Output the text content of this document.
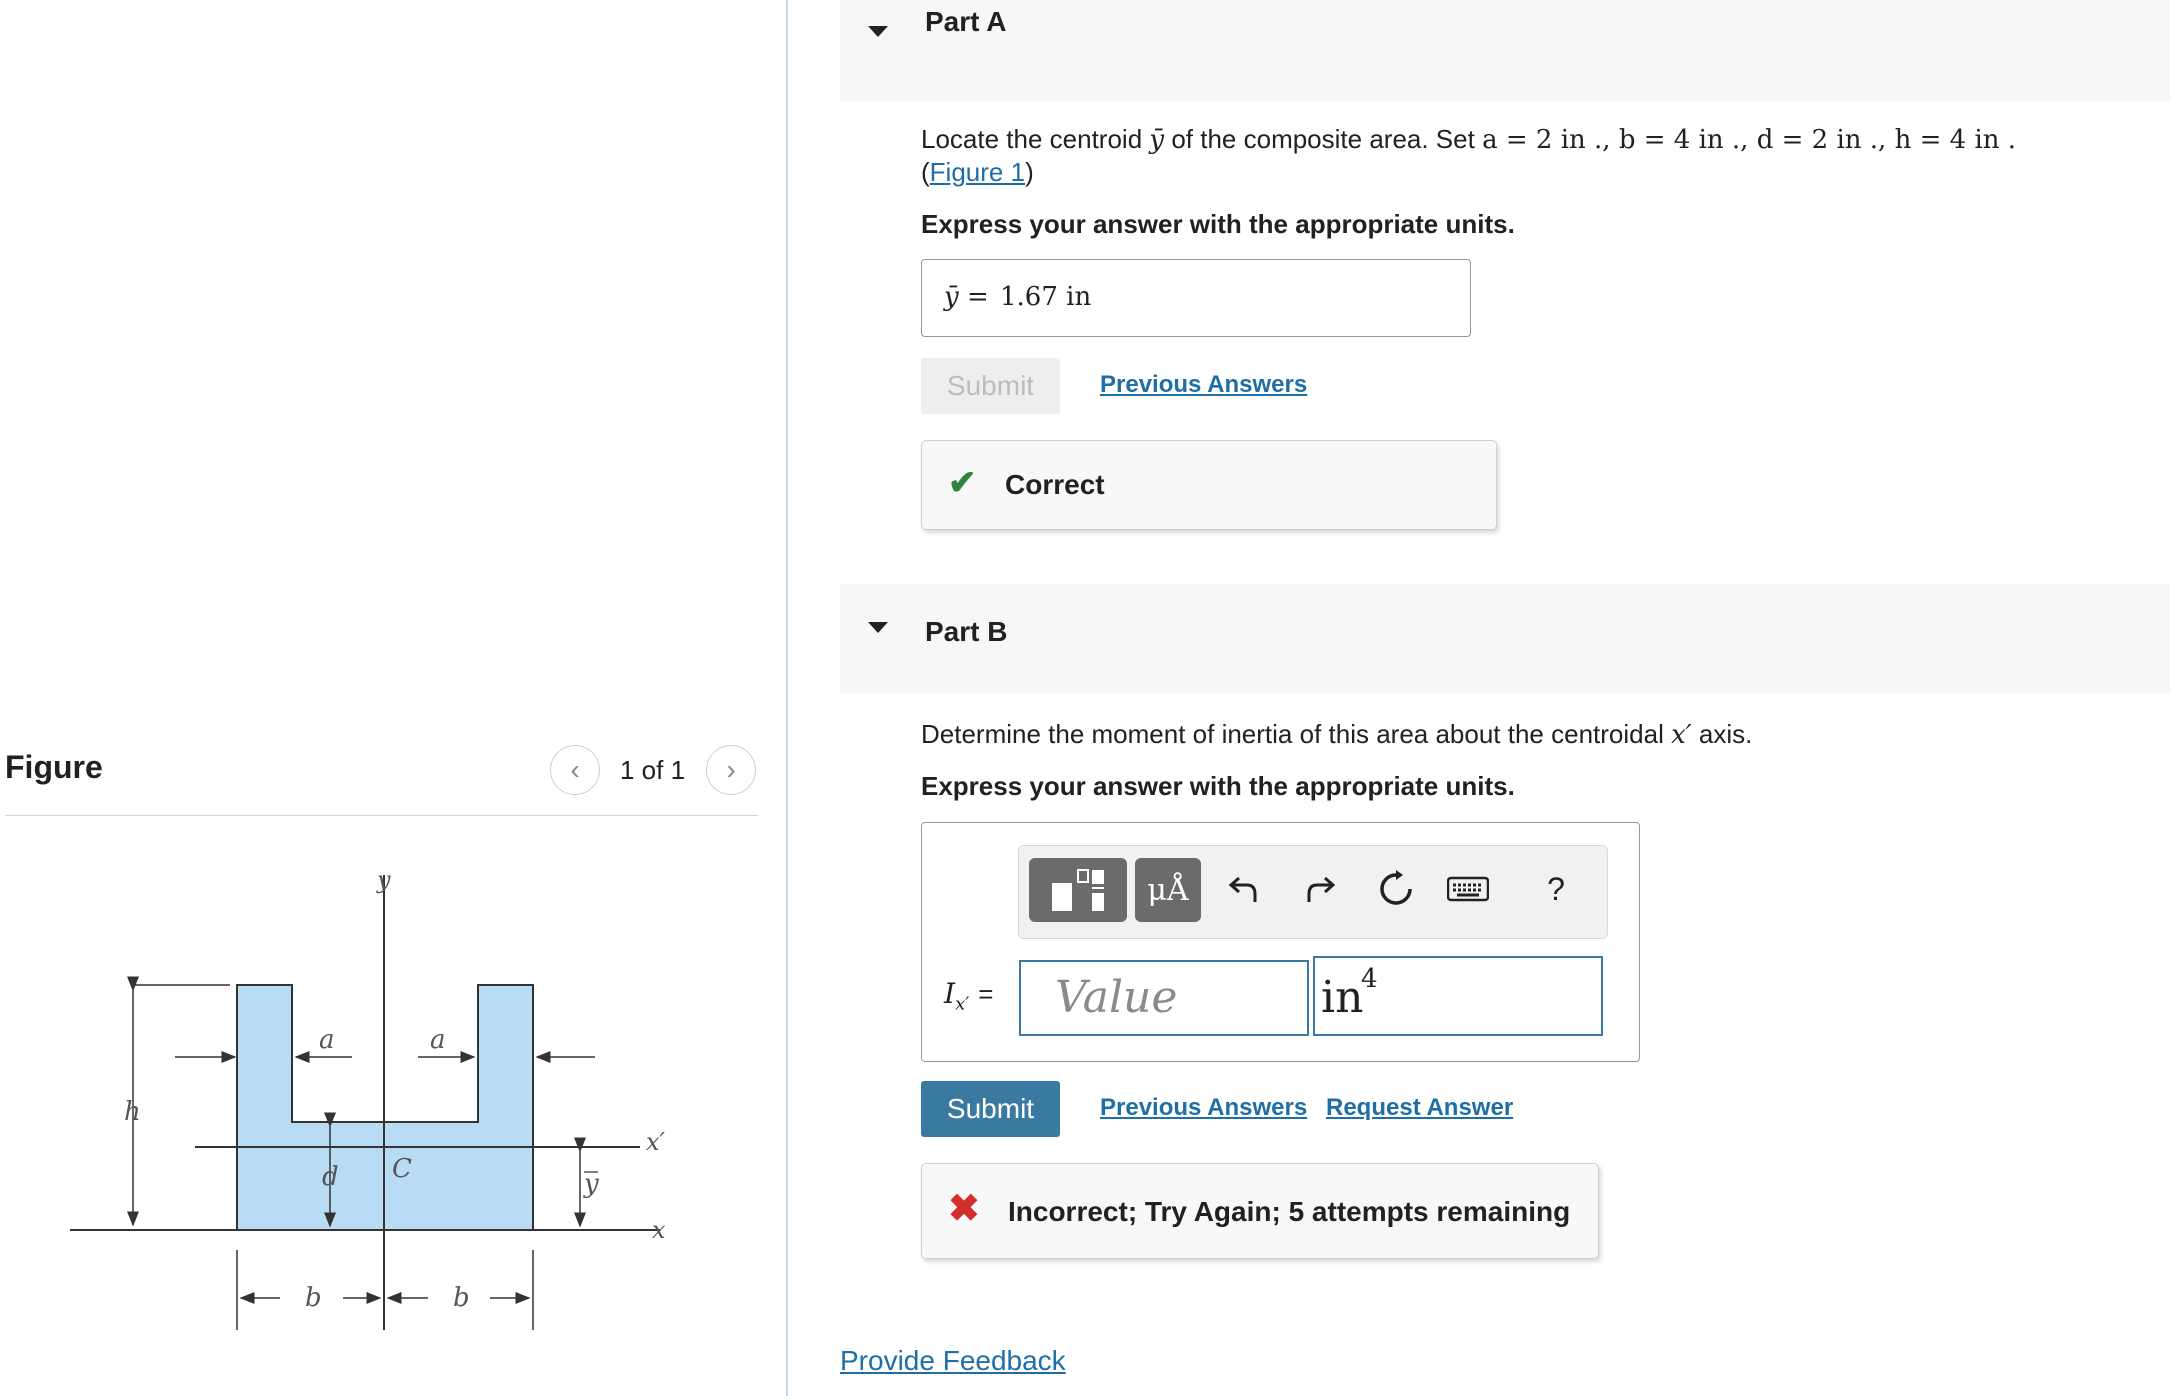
Figure	‹ 1 of 1 ›
y
x
x′
C
h
a	a
d	y
b	b
Part A
Locate the centroid ȳ of the composite area. Set a = 2 in ., b = 4 in ., d = 2 in ., h = 4 in .
(Figure 1)
Express your answer with the appropriate units.
ȳ = 1.67 in
Submit	Previous Answers
✔ Correct
Part B
Determine the moment of inertia of this area about the centroidal x′ axis.
Express your answer with the appropriate units.
μÅ	?
$I_{x'}$ = Value	in
4
Submit	Previous Answers Request Answer
✖ Incorrect; Try Again; 5 attempts remaining
Provide Feedback
